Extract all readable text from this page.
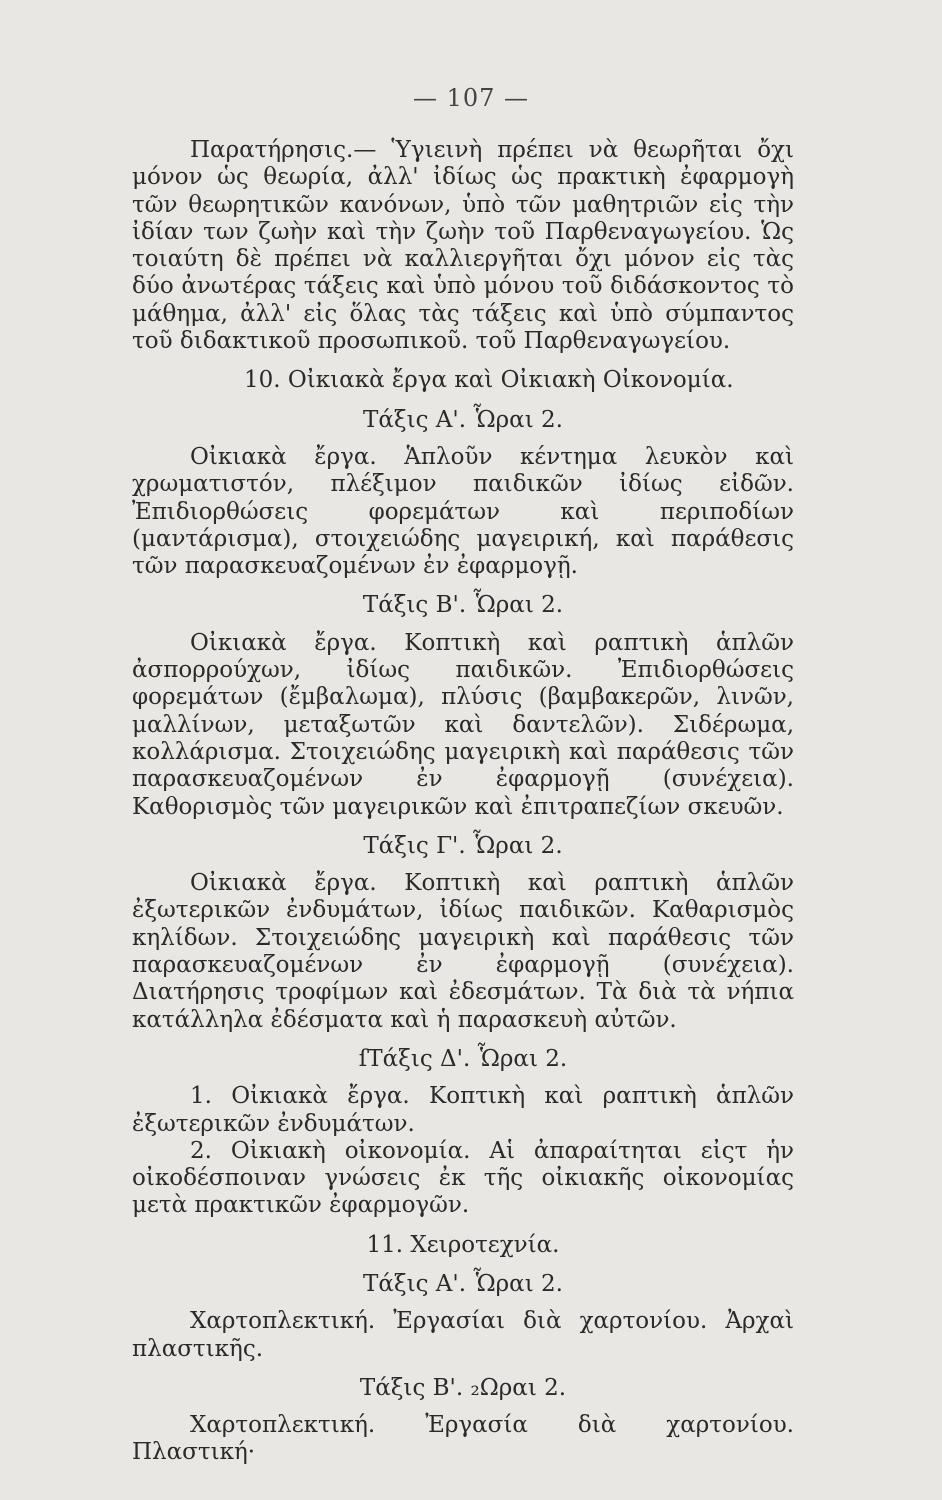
— 107 —

Παρατήρησις.— Ὑγιεινὴ πρέπει νὰ θεωρῆται ὄχι μόνον ὡς θεωρία, ἀλλ' ἰδίως ὡς πρακτικὴ ἐφαρμογὴ τῶν θεωρητικῶν κανόνων, ὑπὸ τῶν μαθητριῶν εἰς τὴν ἰδίαν των ζωὴν καὶ τὴν ζωὴν τοῦ Παρθεναγωγείου. Ὡς τοιαύτη δὲ πρέπει νὰ καλλιεργῆται ὄχι μόνον εἰς τὰς δύο ἀνωτέρας τάξεις καὶ ὑπὸ μόνου τοῦ διδάσκοντος τὸ μάθημα, ἀλλ' εἰς ὅλας τὰς τάξεις καὶ ὑπὸ σύμπαντος τοῦ διδακτικοῦ προσωπικοῦ. τοῦ Παρθεναγωγείου.

10. Οἰκιακὰ ἔργα καὶ Οἰκιακὴ Οἰκονομία.
Τάξις Α'. Ὧραι 2.

Οἰκιακὰ ἔργα. Ἁπλοῦν κέντημα λευκὸν καὶ χρωματιστόν, πλέξιμον παιδικῶν ἰδίως εἰδῶν. Ἐπιδιορθώσεις φορεμάτων καὶ περιποδίων (μαντάρισμα), στοιχειώδης μαγειρική, καὶ παράθεσις τῶν παρασκευαζομένων ἐν ἐφαρμογῇ.

Τάξις Β'. Ὧραι 2.

Οἰκιακὰ ἔργα. Κοπτικὴ καὶ ραπτικὴ ἁπλῶν ἀσπορρούχων, ἰδίως παιδικῶν. Ἐπιδιορθώσεις φορεμάτων (ἔμβαλωμα), πλύσις (βαμβακερῶν, λινῶν, μαλλίνων, μεταξωτῶν καὶ δαντελῶν). Σιδέρωμα, κολλάρισμα. Στοιχειώδης μαγειρικὴ καὶ παράθεσις τῶν παρασκευαζομένων ἐν ἐφαρμογῇ (συνέχεια). Καθορισμὸς τῶν μαγειρικῶν καὶ ἐπιτραπεζίων σκευῶν.

Τάξις Γ'. Ὧραι 2.

Οἰκιακὰ ἔργα. Κοπτικὴ καὶ ραπτικὴ ἁπλῶν ἐξωτερικῶν ἐνδυμάτων, ἰδίως παιδικῶν. Καθαρισμὸς κηλίδων. Στοιχειώδης μαγειρικὴ καὶ παράθεσις τῶν παρασκευαζομένων ἐν ἐφαρμογῇ (συνέχεια). Διατήρησις τροφίμων καὶ ἐδεσμάτων. Τὰ διὰ τὰ νήπια κατάλληλα ἐδέσματα καὶ ἡ παρασκευὴ αὐτῶν.

ſΤάξις Δ'. Ὧραι 2.

1. Οἰκιακὰ ἔργα. Κοπτικὴ καὶ ραπτικὴ ἁπλῶν ἐξωτερικῶν ἐνδυμάτων.

2. Οἰκιακὴ οἰκονομία. Αἱ ἀπαραίτηται εἰςτ ἡν οἰκοδέσποιναν γνώσεις ἐκ τῆς οἰκιακῆς οἰκονομίας μετὰ πρακτικῶν ἐφαρμογῶν.

11. Χειροτεχνία.
Τάξις Α'. Ὧραι 2.

Χαρτοπλεκτική. Ἐργασίαι διὰ χαρτονίου. Ἀρχαὶ πλαστικῆς.

Τάξις Β'. ₂Ωραι 2.

Χαρτοπλεκτική. Ἐργασία διὰ χαρτονίου. Πλαστική·
